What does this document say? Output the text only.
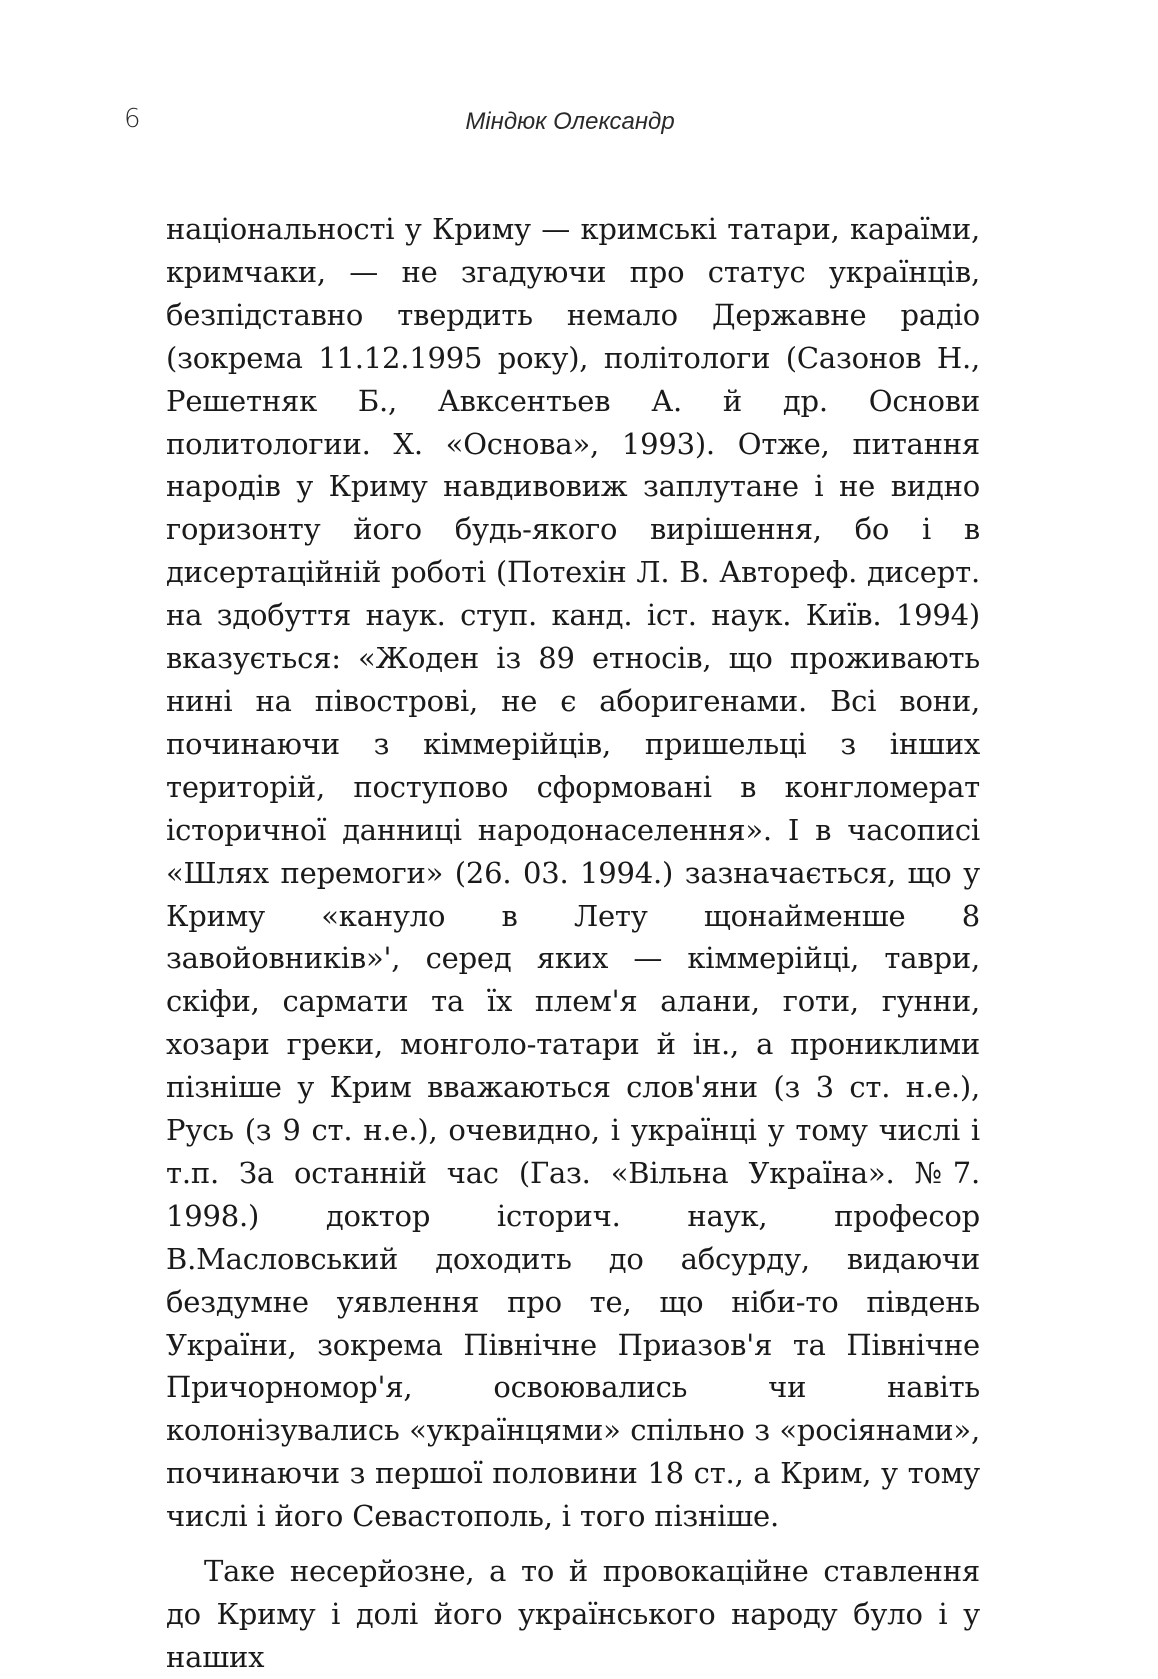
6	Міндюк Олександр

національності у Криму — кримські татари, караїми, кримчаки, — не згадуючи про статус українців, безпідставно твердить немало Державне радіо (зокрема 11.12.1995 року), політологи (Сазонов Н., Решетняк Б., Авксентьев А. й др. Основи политологии. Х. «Основа», 1993). Отже, питання народів у Криму навдивовиж заплутане і не видно горизонту його будь-якого вирішення, бо і в дисертаційній роботі (Потехін Л. В. Автореф. дисерт. на здобуття наук. ступ. канд. іст. наук. Київ. 1994) вказується: «Жоден із 89 етносів, що проживають нині на півострові, не є аборигенами. Всі вони, починаючи з кіммерійців, пришельці з інших територій, поступово сформовані в конгломерат історичної данниці народонаселення». І в часописі «Шлях перемоги» (26. 03. 1994.) зазначається, що у Криму «кануло в Лету щонайменше 8 завойовників»', серед яких — кіммерійці, таври, скіфи, сармати та їх плем'я алани, готи, гунни, хозари греки, монголо-татари й ін., а прониклими пізніше у Крим вважаються слов'яни (з 3 ст. н.е.), Русь (з 9 ст. н.е.), очевидно, і українці у тому числі і т.п. За останній час (Газ. «Вільна Україна». №7. 1998.) доктор історич. наук, професор В.Масловський доходить до абсурду, видаючи бездумне уявлення про те, що ніби-то південь України, зокрема Північне Приазов'я та Північне Причорномор'я, освоювались чи навіть колонізувались «українцями» спільно з «росіянами», починаючи з першої половини 18 ст., а Крим, у тому числі і його Севастополь, і того пізніше.

Таке несерйозне, а то й провокаційне ставлення до Криму і долі його українського народу було і у наших
